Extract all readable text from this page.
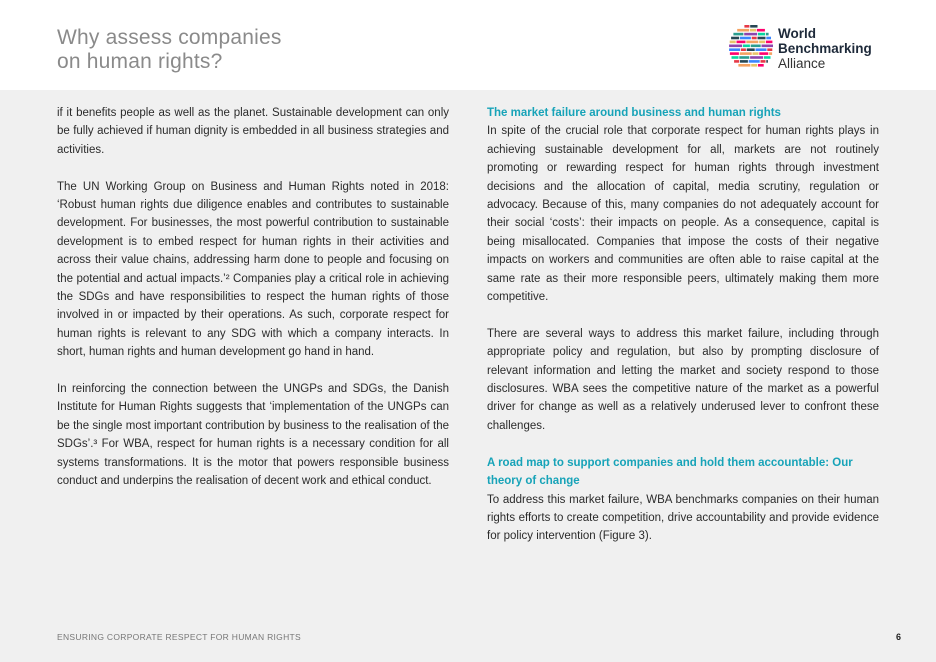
Why assess companies
on human rights?
World
Benchmarking
Alliance

if it benefits people as well as the planet. Sustainable development can only be fully achieved if human dignity is embedded in all business strategies and activities.

The UN Working Group on Business and Human Rights noted in 2018: ‘Robust human rights due diligence enables and contributes to sustainable development. For businesses, the most powerful contribution to sustainable development is to embed respect for human rights in their activities and across their value chains, addressing harm done to people and focusing on the potential and actual impacts.’² Companies play a critical role in achieving the SDGs and have responsibilities to respect the human rights of those involved in or impacted by their operations. As such, corporate respect for human rights is relevant to any SDG with which a company interacts. In short, human rights and human development go hand in hand.

In reinforcing the connection between the UNGPs and SDGs, the Danish Institute for Human Rights suggests that ‘implementation of the UNGPs can be the single most important contribution by business to the realisation of the SDGs’.³ For WBA, respect for human rights is a necessary condition for all systems transformations. It is the motor that powers responsible business conduct and underpins the realisation of decent work and ethical conduct.

The market failure around business and human rights

In spite of the crucial role that corporate respect for human rights plays in achieving sustainable development for all, markets are not routinely promoting or rewarding respect for human rights through investment decisions and the allocation of capital, media scrutiny, regulation or advocacy. Because of this, many companies do not adequately account for their social ‘costs’: their impacts on people. As a consequence, capital is being misallocated. Companies that impose the costs of their negative impacts on workers and communities are often able to raise capital at the same rate as their more responsible peers, ultimately making them more competitive.

There are several ways to address this market failure, including through appropriate policy and regulation, but also by prompting disclosure of relevant information and letting the market and society respond to those disclosures. WBA sees the competitive nature of the market as a powerful driver for change as well as a relatively underused lever to confront these challenges.

A road map to support companies and hold them accountable: Our theory of change

To address this market failure, WBA benchmarks companies on their human rights efforts to create competition, drive accountability and provide evidence for policy intervention (Figure 3).

ENSURING CORPORATE RESPECT FOR HUMAN RIGHTS	6
